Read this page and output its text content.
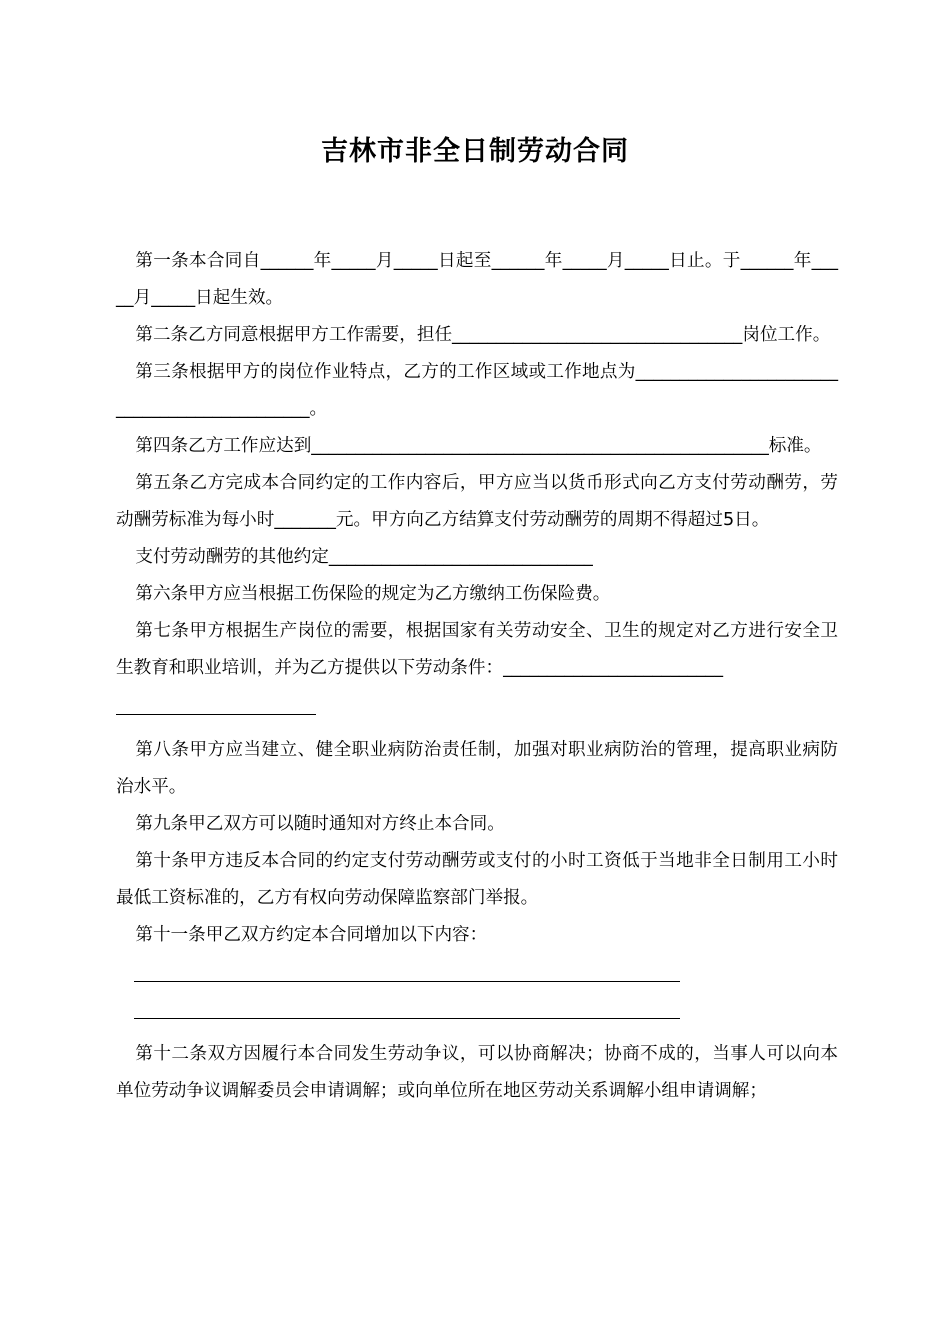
吉林市非全日制劳动合同

第一条本合同自______年_____月_____日起至______年_____月_____日止。于______年_____月_____日起生效。

第二条乙方同意根据甲方工作需要，担任_________________________________岗位工作。

第三条根据甲方的岗位作业特点，乙方的工作区域或工作地点为_____________________________________________。

第四条乙方工作应达到____________________________________________________标准。

第五条乙方完成本合同约定的工作内容后，甲方应当以货币形式向乙方支付劳动酬劳，劳动酬劳标准为每小时_______元。甲方向乙方结算支付劳动酬劳的周期不得超过5日。

支付劳动酬劳的其他约定______________________________

第六条甲方应当根据工伤保险的规定为乙方缴纳工伤保险费。

第七条甲方根据生产岗位的需要，根据国家有关劳动安全、卫生的规定对乙方进行安全卫生教育和职业培训，并为乙方提供以下劳动条件：_________________________

第八条甲方应当建立、健全职业病防治责任制，加强对职业病防治的管理，提高职业病防治水平。

第九条甲乙双方可以随时通知对方终止本合同。

第十条甲方违反本合同的约定支付劳动酬劳或支付的小时工资低于当地非全日制用工小时最低工资标准的，乙方有权向劳动保障监察部门举报。

第十一条甲乙双方约定本合同增加以下内容：

第十二条双方因履行本合同发生劳动争议，可以协商解决；协商不成的，当事人可以向本单位劳动争议调解委员会申请调解；或向单位所在地区劳动关系调解小组申请调解；
